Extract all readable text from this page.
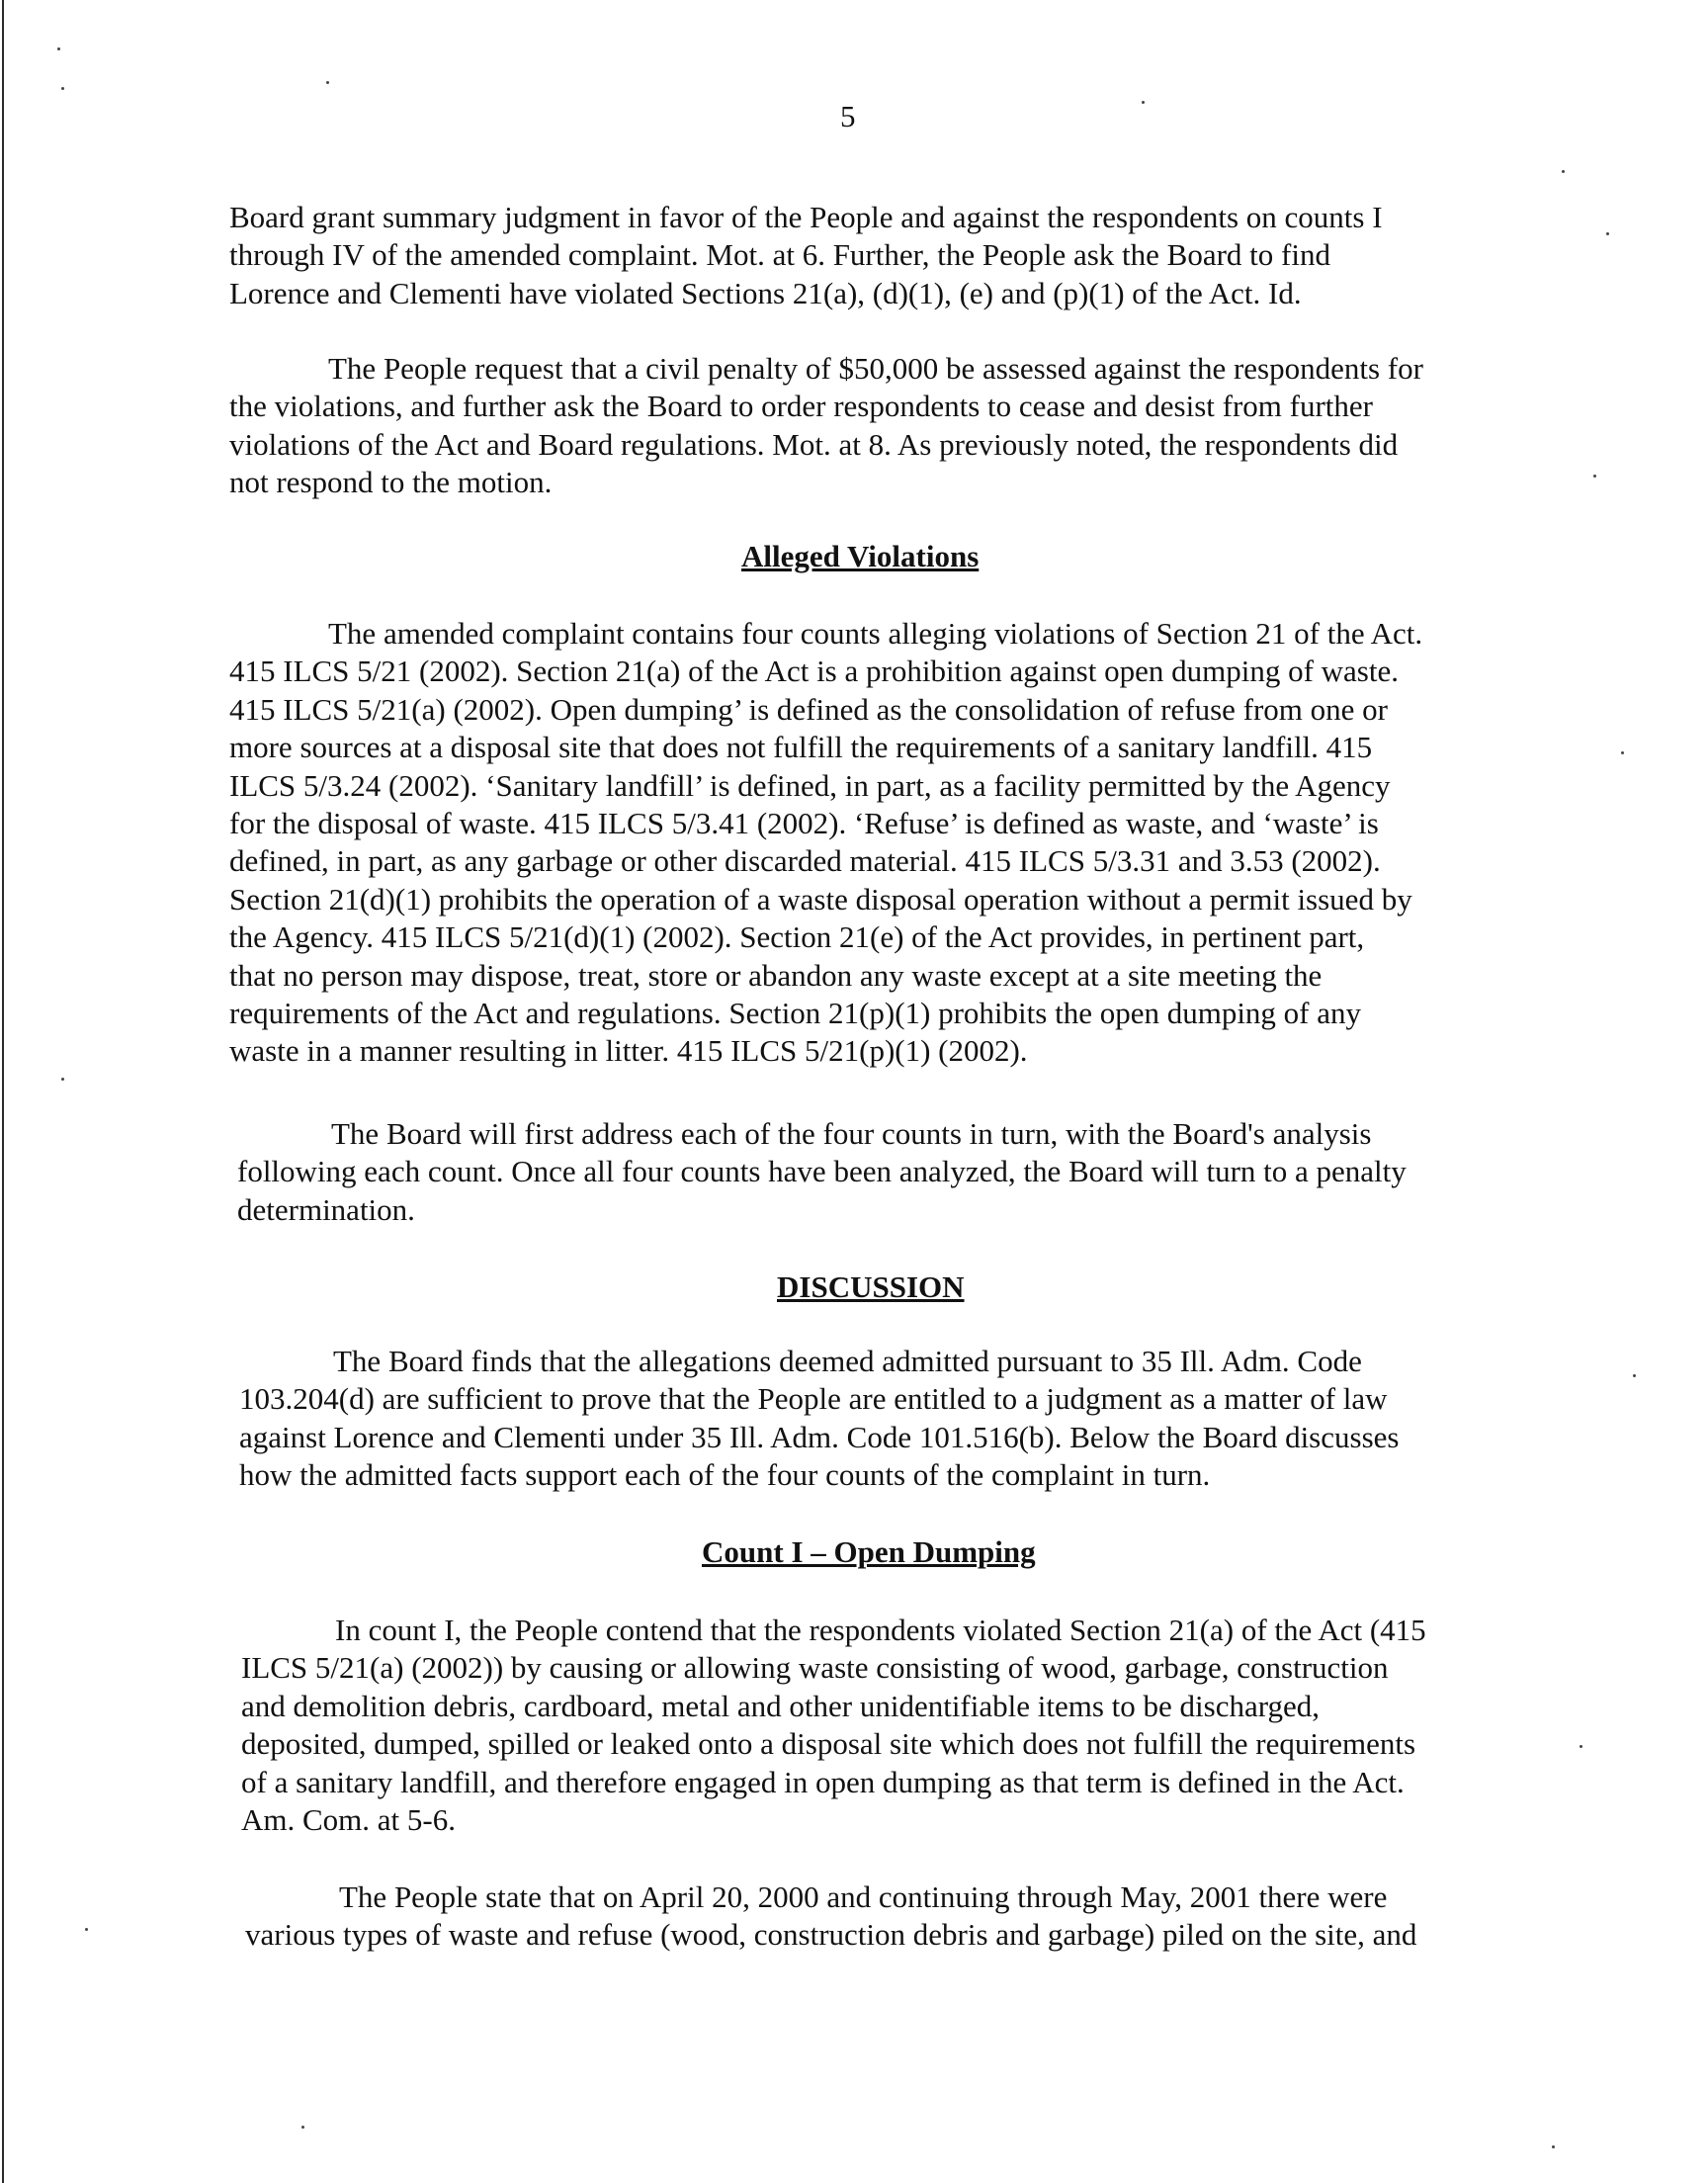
5
Board grant summary judgment in favor of the People and against the respondents on counts I
through IV of the amended complaint. Mot. at 6. Further, the People ask the Board to find
Lorence and Clementi have violated Sections 21(a), (d)(1), (e) and (p)(1) of the Act. Id.
The People request that a civil penalty of $50,000 be assessed against the respondents for
the violations, and further ask the Board to order respondents to cease and desist from further
violations of the Act and Board regulations. Mot. at 8. As previously noted, the respondents did
not respond to the motion.
Alleged Violations
The amended complaint contains four counts alleging violations of Section 21 of the Act.
415 ILCS 5/21 (2002). Section 21(a) of the Act is a prohibition against open dumping of waste.
415 ILCS 5/21(a) (2002). Open dumping’ is defined as the consolidation of refuse from one or
more sources at a disposal site that does not fulfill the requirements of a sanitary landfill. 415
ILCS 5/3.24 (2002). ‘Sanitary landfill’ is defined, in part, as a facility permitted by the Agency
for the disposal of waste. 415 ILCS 5/3.41 (2002). ‘Refuse’ is defined as waste, and ‘waste’ is
defined, in part, as any garbage or other discarded material. 415 ILCS 5/3.31 and 3.53 (2002).
Section 21(d)(1) prohibits the operation of a waste disposal operation without a permit issued by
the Agency. 415 ILCS 5/21(d)(1) (2002). Section 21(e) of the Act provides, in pertinent part,
that no person may dispose, treat, store or abandon any waste except at a site meeting the
requirements of the Act and regulations. Section 21(p)(1) prohibits the open dumping of any
waste in a manner resulting in litter. 415 ILCS 5/21(p)(1) (2002).
The Board will first address each of the four counts in turn, with the Board's analysis
following each count. Once all four counts have been analyzed, the Board will turn to a penalty
determination.
DISCUSSION
The Board finds that the allegations deemed admitted pursuant to 35 Ill. Adm. Code
103.204(d) are sufficient to prove that the People are entitled to a judgment as a matter of law
against Lorence and Clementi under 35 Ill. Adm. Code 101.516(b). Below the Board discusses
how the admitted facts support each of the four counts of the complaint in turn.
Count I – Open Dumping
In count I, the People contend that the respondents violated Section 21(a) of the Act (415
ILCS 5/21(a) (2002)) by causing or allowing waste consisting of wood, garbage, construction
and demolition debris, cardboard, metal and other unidentifiable items to be discharged,
deposited, dumped, spilled or leaked onto a disposal site which does not fulfill the requirements
of a sanitary landfill, and therefore engaged in open dumping as that term is defined in the Act.
Am. Com. at 5-6.
The People state that on April 20, 2000 and continuing through May, 2001 there were
various types of waste and refuse (wood, construction debris and garbage) piled on the site, and
